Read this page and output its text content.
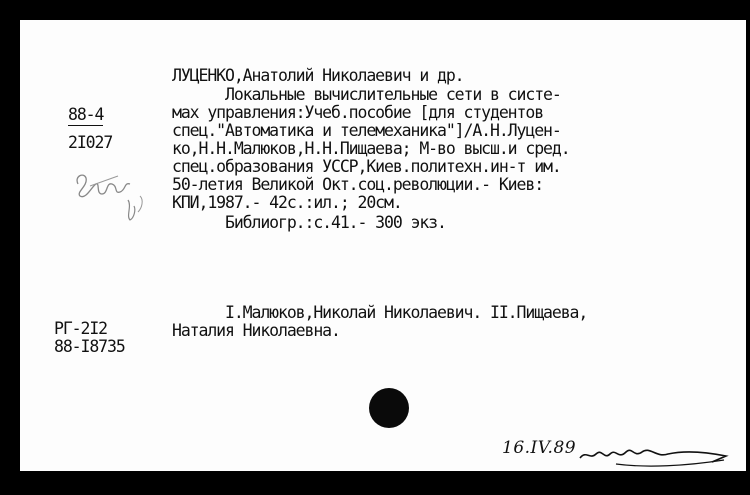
88-4
2I027
ЛУЦЕНКО,Анатолий Николаевич и др.
Локальные вычислительные сети в систе-
мах управления:Учеб.пособие [для студентов
спец."Автоматика и телемеханика"]/А.Н.Луцен-
ко,Н.Н.Малюков,Н.Н.Пищаева; М-во высш.и сред.
спец.образования УССР,Киев.политехн.ин-т им.
50-летия Великой Окт.соц.революции.- Киев:
КПИ,1987.- 42с.:ил.; 20см.
Библиогр.:с.41.- 300 экз.
I.Малюков,Николай Николаевич. II.Пищаева,
Наталия Николаевна.
РГ-2I2
88-I8735
16.IV.89
